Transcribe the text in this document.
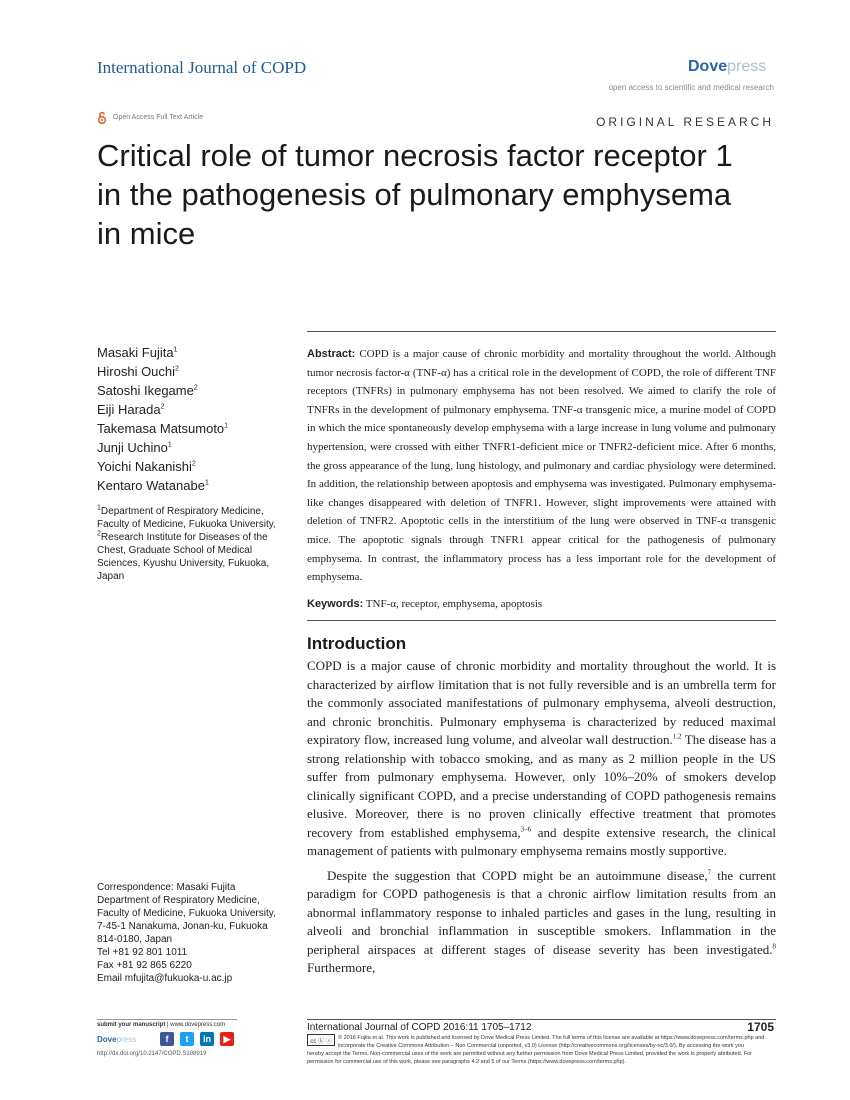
International Journal of COPD	Dovepress
open access to scientific and medical research
Open Access Full Text Article	ORIGINAL RESEARCH
Critical role of tumor necrosis factor receptor 1
in the pathogenesis of pulmonary emphysema
in mice
Masaki Fujita$^1$
Hiroshi Ouchi$^2$
Satoshi Ikegame$^2$
Eiji Harada$^2$
Takemasa Matsumoto$^1$
Junji Uchino$^1$
Yoichi Nakanishi$^2$
Kentaro Watanabe$^1$

$^1$Department of Respiratory Medicine, Faculty of Medicine, Fukuoka University, $^2$Research Institute for Diseases of the Chest, Graduate School of Medical Sciences, Kyushu University, Fukuoka, Japan

Correspondence: Masaki Fujita
Department of Respiratory Medicine,
Faculty of Medicine, Fukuoka University,
7-45-1 Nanakuma, Jonan-ku, Fukuoka
814-0180, Japan
Tel +81 92 801 1011
Fax +81 92 865 6220
Email mfujita@fukuoka-u.ac.jp
Abstract: COPD is a major cause of chronic morbidity and mortality throughout the world. Although tumor necrosis factor-α (TNF-α) has a critical role in the development of COPD, the role of different TNF receptors (TNFRs) in pulmonary emphysema has not been resolved. We aimed to clarify the role of TNFRs in the development of pulmonary emphysema. TNF-α transgenic mice, a murine model of COPD in which the mice spontaneously develop emphysema with a large increase in lung volume and pulmonary hypertension, were crossed with either TNFR1-deficient mice or TNFR2-deficient mice. After 6 months, the gross appearance of the lung, lung histology, and pulmonary and cardiac physiology were determined. In addition, the relationship between apoptosis and emphysema was investigated. Pulmonary emphysema-like changes disappeared with deletion of TNFR1. However, slight improvements were attained with deletion of TNFR2. Apoptotic cells in the interstitium of the lung were observed in TNF-α transgenic mice. The apoptotic signals through TNFR1 appear critical for the pathogenesis of pulmonary emphysema. In contrast, the inflammatory process has a less important role for the development of emphysema.
Keywords: TNF-α, receptor, emphysema, apoptosis
Introduction

COPD is a major cause of chronic morbidity and mortality throughout the world. It is characterized by airflow limitation that is not fully reversible and is an umbrella term for the commonly associated manifestations of pulmonary emphysema, alveoli destruction, and chronic bronchitis. Pulmonary emphysema is characterized by reduced maximal expiratory flow, increased lung volume, and alveolar wall destruction.$^{1,2}$ The disease has a strong relationship with tobacco smoking, and as many as 2 million people in the US suffer from pulmonary emphysema. However, only 10%–20% of smokers develop clinically significant COPD, and a precise understanding of COPD pathogenesis remains elusive. Moreover, there is no proven clinically effective treatment that promotes recovery from established emphysema,$^{3-6}$ and despite extensive research, the clinical management of patients with pulmonary emphysema remains mostly supportive.

Despite the suggestion that COPD might be an autoimmune disease,$^7$ the current paradigm for COPD pathogenesis is that a chronic airflow limitation results from an abnormal inflammatory response to inhaled particles and gases in the lung, resulting in alveoli and bronchial inflammation in susceptible smokers. Inflammation in the peripheral airspaces at different stages of disease severity has been investigated.$^8$ Furthermore,

submit your manuscript | www.dovepress.com
Dovepress	f	t	in	▶
http://dx.doi.org/10.2147/COPD.S108919
International Journal of COPD 2016:11 1705–1712	1705
cc ⓑ ⓢ
© 2016 Fujita et al. This work is published and licensed by Dove Medical Press Limited. The full terms of this license are available at https://www.dovepress.com/terms.php and incorporate the Creative Commons Attribution – Non Commercial (unported, v3.0) License (http://creativecommons.org/licenses/by-nc/3.0/). By accessing the work you
hereby accept the Terms. Non-commercial uses of the work are permitted without any further permission from Dove Medical Press Limited, provided the work is properly attributed. For permission for commercial use of this work, please see paragraphs 4.2 and 5 of our Terms (https://www.dovepress.com/terms.php).
